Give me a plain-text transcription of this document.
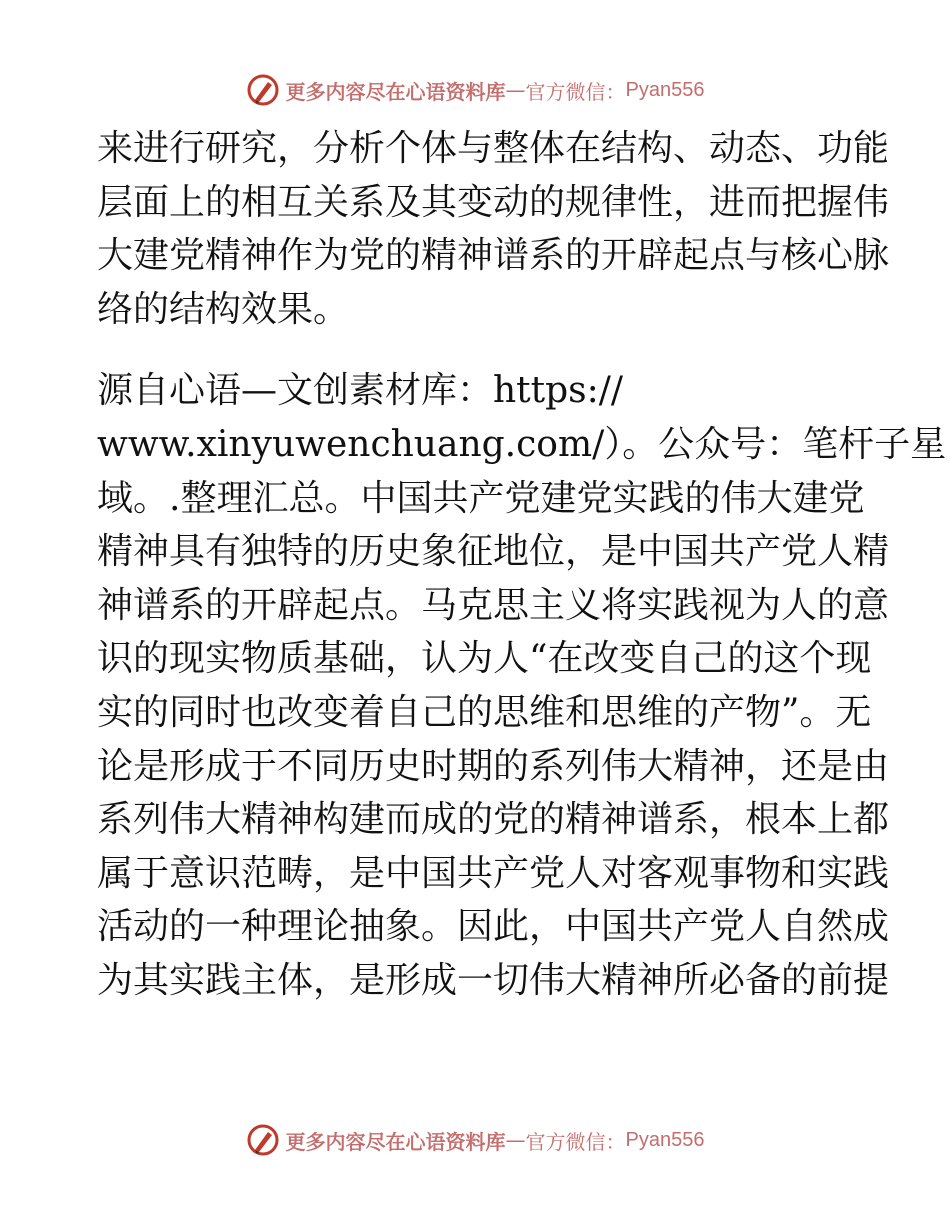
更多内容尽在心语资料库 — 官方微信： Pyan556
来进行研究，分析个体与整体在结构、动态、功能
层面上的相互关系及其变动的规律性，进而把握伟
大建党精神作为党的精神谱系的开辟起点与核心脉
络的结构效果。
源自心语—文创素材库：https://
www.xinyuwenchuang.com/）。公众号：笔杆子星
域。.整理汇总。中国共产党建党实践的伟大建党
精神具有独特的历史象征地位，是中国共产党人精
神谱系的开辟起点。马克思主义将实践视为人的意
识的现实物质基础，认为人“在改变自己的这个现
实的同时也改变着自己的思维和思维的产物”。无
论是形成于不同历史时期的系列伟大精神，还是由
系列伟大精神构建而成的党的精神谱系，根本上都
属于意识范畴，是中国共产党人对客观事物和实践
活动的一种理论抽象。因此，中国共产党人自然成
为其实践主体，是形成一切伟大精神所必备的前提
更多内容尽在心语资料库 — 官方微信： Pyan556
